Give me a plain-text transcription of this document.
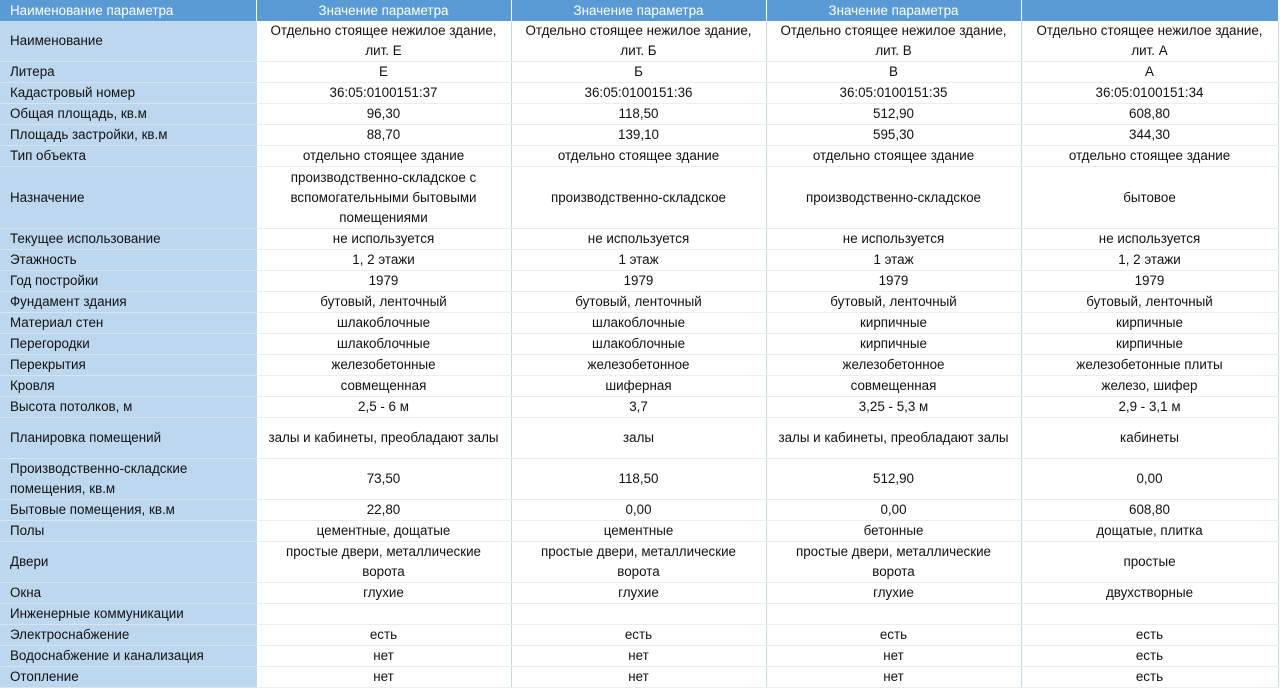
Наименование параметра	Значение параметра	Значение параметра	Значение параметра	
Наименование	Отдельно стоящее нежилое здание, лит. Е	Отдельно стоящее нежилое здание, лит. Б	Отдельно стоящее нежилое здание, лит. В	Отдельно стоящее нежилое здание, лит. А
Литера	Е	Б	В	А
Кадастровый номер	36:05:0100151:37	36:05:0100151:36	36:05:0100151:35	36:05:0100151:34
Общая площадь, кв.м	96,30	118,50	512,90	608,80
Площадь застройки, кв.м	88,70	139,10	595,30	344,30
Тип объекта	отдельно стоящее здание	отдельно стоящее здание	отдельно стоящее здание	отдельно стоящее здание
Назначение	производственно-складское с вспомогательными бытовыми помещениями	производственно-складское	производственно-складское	бытовое
Текущее использование	не используется	не используется	не используется	не используется
Этажность	1, 2 этажи	1 этаж	1 этаж	1, 2 этажи
Год постройки	1979	1979	1979	1979
Фундамент здания	бутовый, ленточный	бутовый, ленточный	бутовый, ленточный	бутовый, ленточный
Материал стен	шлакоблочные	шлакоблочные	кирпичные	кирпичные
Перегородки	шлакоблочные	шлакоблочные	кирпичные	кирпичные
Перекрытия	железобетонные	железобетонное	железобетонное	железобетонные плиты
Кровля	совмещенная	шиферная	совмещенная	железо, шифер
Высота потолков, м	2,5 - 6 м	3,7	3,25 - 5,3 м	2,9 - 3,1 м
Планировка помещений	залы и кабинеты, преобладают залы	залы	залы и кабинеты, преобладают залы	кабинеты
Производственно-складские помещения, кв.м	73,50	118,50	512,90	0,00
Бытовые помещения, кв.м	22,80	0,00	0,00	608,80
Полы	цементные, дощатые	цементные	бетонные	дощатые, плитка
Двери	простые двери, металлические ворота	простые двери, металлические ворота	простые двери, металлические ворота	простые
Окна	глухие	глухие	глухие	двухстворные
Инженерные коммуникации				
Электроснабжение	есть	есть	есть	есть
Водоснабжение и канализация	нет	нет	нет	есть
Отопление	нет	нет	нет	есть
